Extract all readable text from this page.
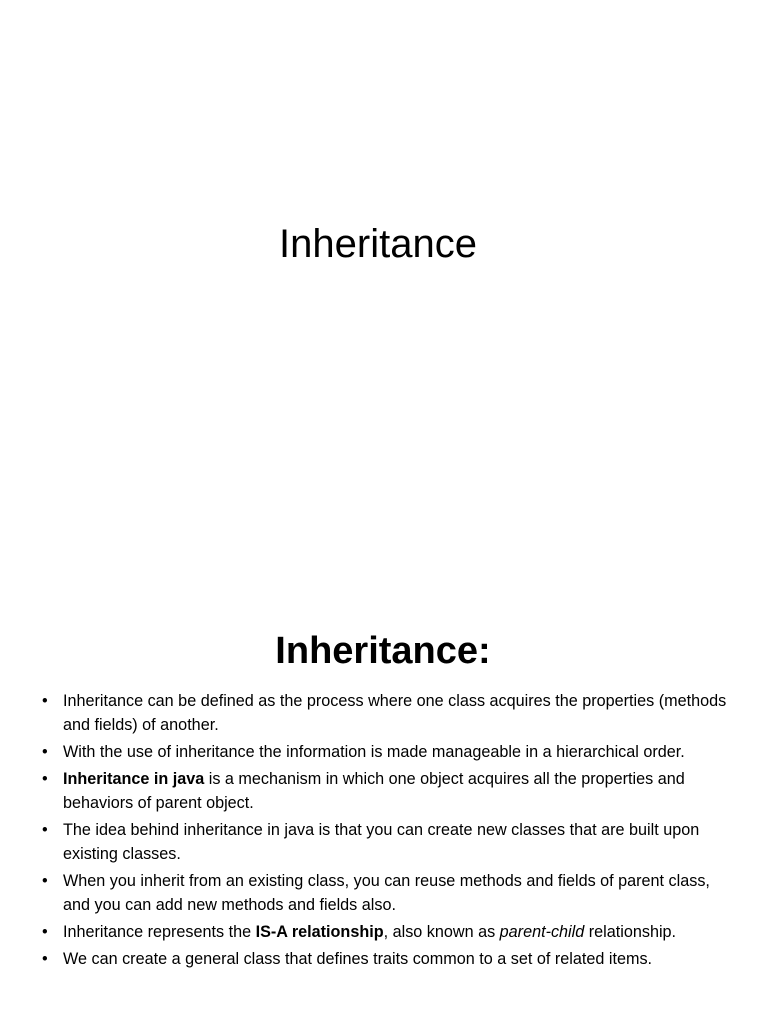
Inheritance
Inheritance:
• Inheritance can be defined as the process where one class acquires the properties (methods and fields) of another.
• With the use of inheritance the information is made manageable in a hierarchical order.
• Inheritance in java is a mechanism in which one object acquires all the properties and behaviors of parent object.
• The idea behind inheritance in java is that you can create new classes that are built upon existing classes.
• When you inherit from an existing class, you can reuse methods and fields of parent class, and you can add new methods and fields also.
• Inheritance represents the IS-A relationship, also known as parent-child relationship.
• We can create a general class that defines traits common to a set of related items.
